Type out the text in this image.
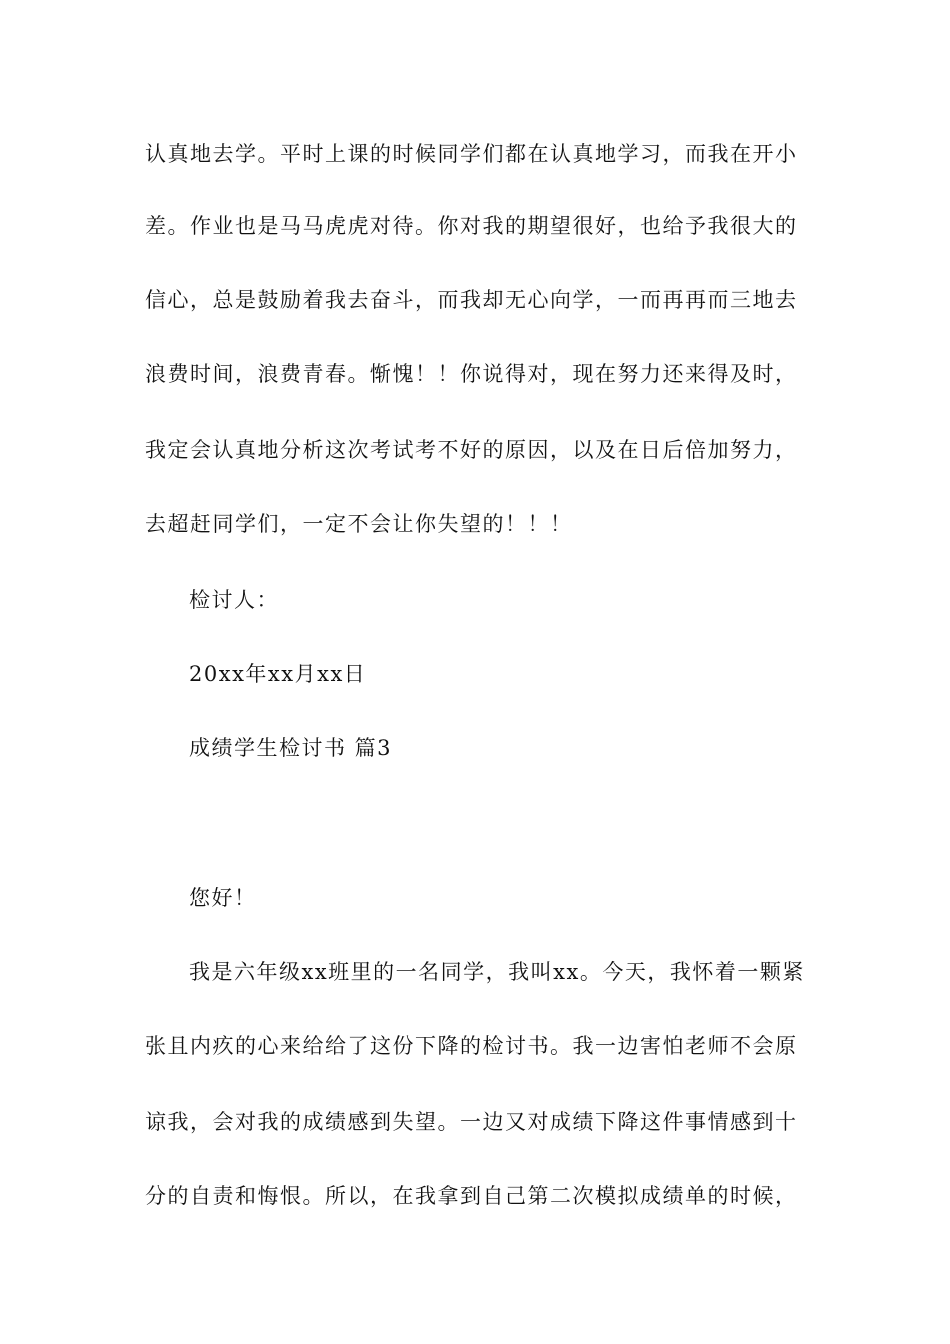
认真地去学。平时上课的时候同学们都在认真地学习，而我在开小
差。作业也是马马虎虎对待。你对我的期望很好，也给予我很大的
信心，总是鼓励着我去奋斗，而我却无心向学，一而再再而三地去
浪费时间，浪费青春。惭愧！！你说得对，现在努力还来得及时，
我定会认真地分析这次考试考不好的原因，以及在日后倍加努力，
去超赶同学们，一定不会让你失望的！！！
检讨人：
20xx年xx月xx日
成绩学生检讨书 篇3
您好！
我是六年级xx班里的一名同学，我叫xx。今天，我怀着一颗紧
张且内疚的心来给给了这份下降的检讨书。我一边害怕老师不会原
谅我，会对我的成绩感到失望。一边又对成绩下降这件事情感到十
分的自责和悔恨。所以，在我拿到自己第二次模拟成绩单的时候，
